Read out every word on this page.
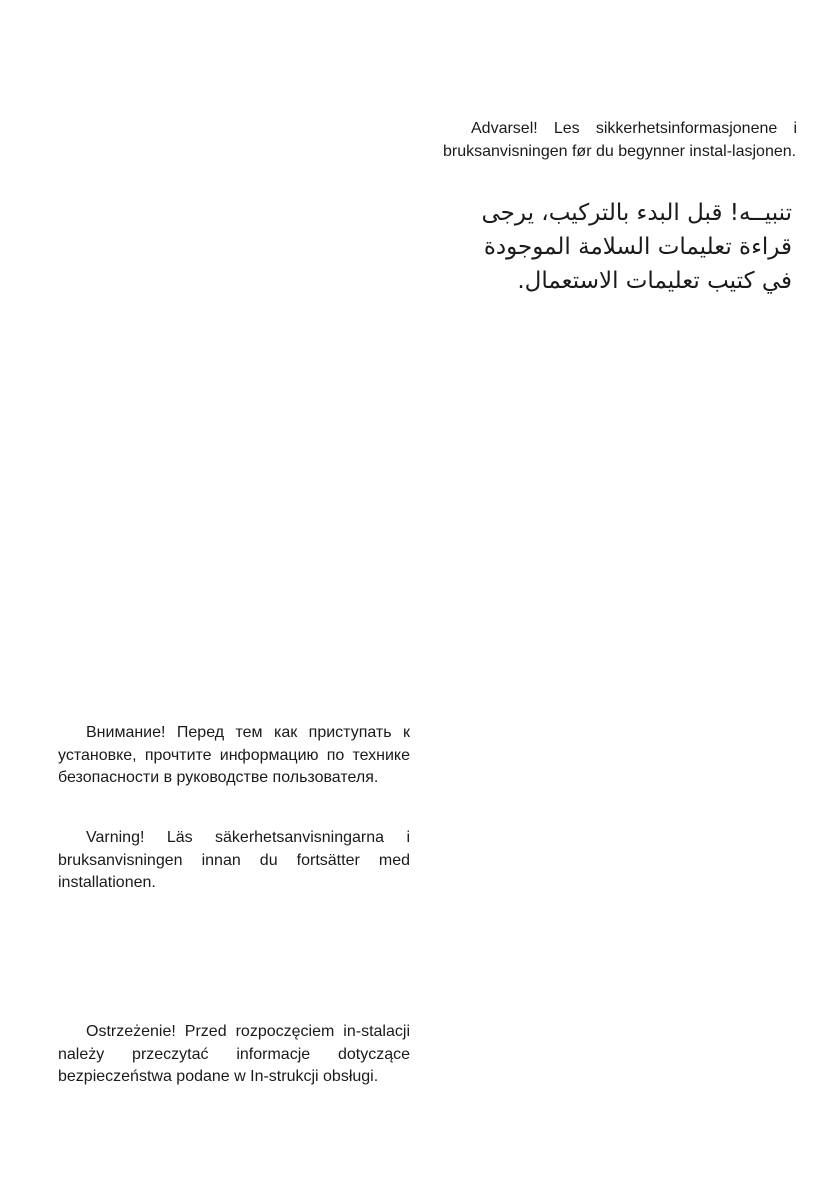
Advarsel! Les sikkerhetsinformasjonene i bruksanvisningen før du begynner instal-lasjonen.

تنبيــه! قبل البدء بالتركيب، يرجى قراءة تعليمات السلامة الموجودة في كتيب تعليمات الاستعمال.

Внимание! Перед тем как приступать к установке, прочтите информацию по технике безопасности в руководстве пользователя.

Varning! Läs säkerhetsanvisningarna i bruksanvisningen innan du fortsätter med installationen.

Ostrzeżenie! Przed rozpoczęciem in-stalacji należy przeczytać informacje dotyczące bezpieczeństwa podane w In-strukcji obsługi.
